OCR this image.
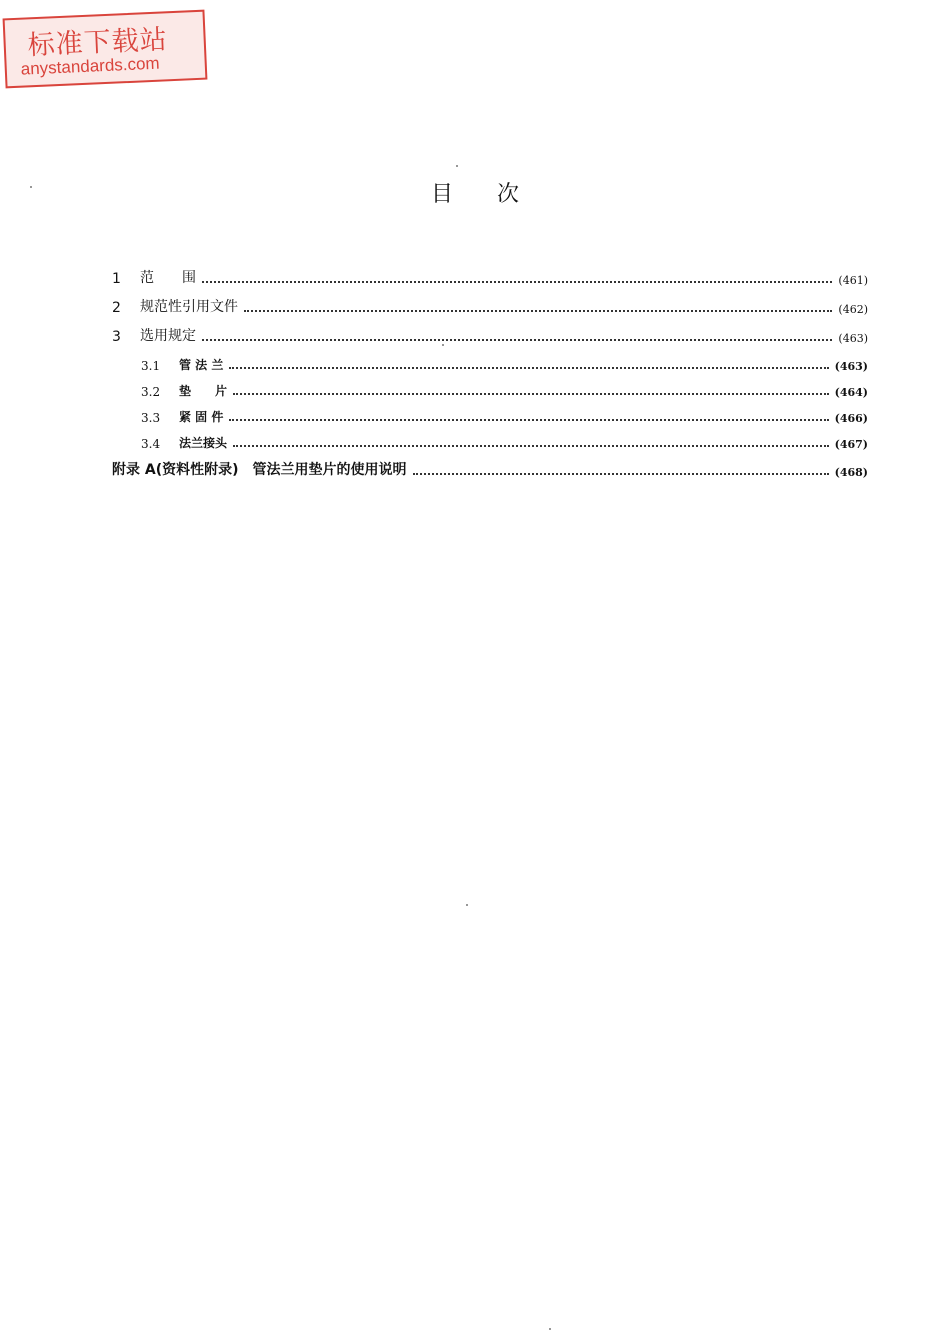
标准下载站
anystandards.com
目次
1	范　　围	(461)
2	规范性引用文件	(462)
3	选用规定	(463)
3.1	管 法 兰	(463)
3.2	垫　　片	(464)
3.3	紧 固 件	(466)
3.4	法兰接头	(467)
附录 A(资料性附录)　管法兰用垫片的使用说明	(468)
